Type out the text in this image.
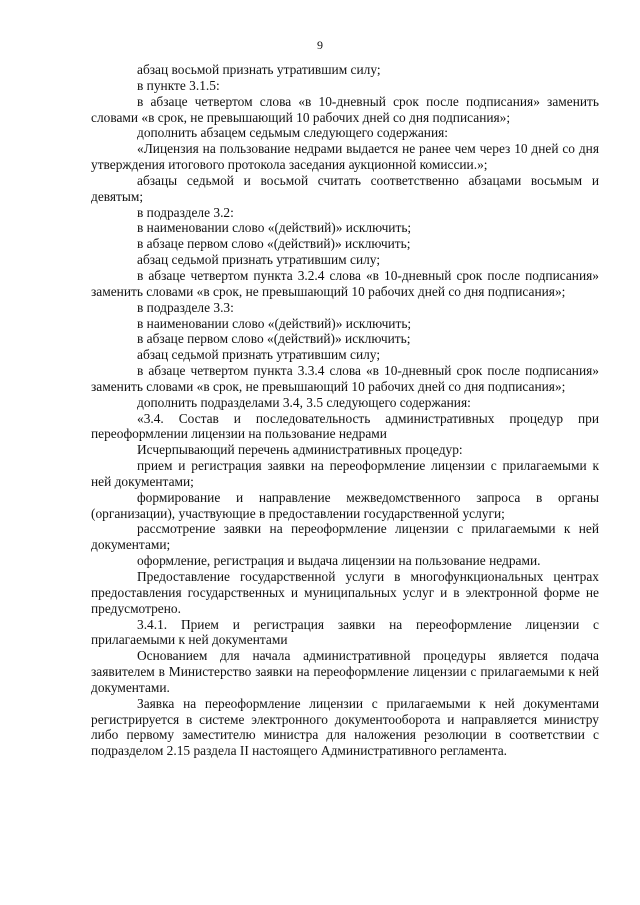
9

абзац восьмой признать утратившим силу;

в пункте 3.1.5:

в абзаце четвертом слова «в 10-дневный срок после подписания» заменить словами «в срок, не превышающий 10 рабочих дней со дня подписания»;

дополнить абзацем седьмым следующего содержания:

«Лицензия на пользование недрами выдается не ранее чем через 10 дней со дня утверждения итогового протокола заседания аукционной комиссии.»;

абзацы седьмой и восьмой считать соответственно абзацами восьмым и девятым;

в подразделе 3.2:

в наименовании слово «(действий)» исключить;

в абзаце первом слово «(действий)» исключить;

абзац седьмой признать утратившим силу;

в абзаце четвертом пункта 3.2.4 слова «в 10-дневный срок после подписания» заменить словами «в срок, не превышающий 10 рабочих дней со дня подписания»;

в подразделе 3.3:

в наименовании слово «(действий)» исключить;

в абзаце первом слово «(действий)» исключить;

абзац седьмой признать утратившим силу;

в абзаце четвертом пункта 3.3.4 слова «в 10-дневный срок после подписания» заменить словами «в срок, не превышающий 10 рабочих дней со дня подписания»;

дополнить подразделами 3.4, 3.5 следующего содержания:

«3.4. Состав и последовательность административных процедур при переоформлении лицензии на пользование недрами

Исчерпывающий перечень административных процедур:

прием и регистрация заявки на переоформление лицензии с прилагаемыми к ней документами;

формирование и направление межведомственного запроса в органы (организации), участвующие в предоставлении государственной услуги;

рассмотрение заявки на переоформление лицензии с прилагаемыми к ней документами;

оформление, регистрация и выдача лицензии на пользование недрами.

Предоставление государственной услуги в многофункциональных центрах предоставления государственных и муниципальных услуг и в электронной форме не предусмотрено.

3.4.1. Прием и регистрация заявки на переоформление лицензии с прилагаемыми к ней документами

Основанием для начала административной процедуры является подача заявителем в Министерство заявки на переоформление лицензии с прилагаемыми к ней документами.

Заявка на переоформление лицензии с прилагаемыми к ней документами регистрируется в системе электронного документооборота и направляется министру либо первому заместителю министра для наложения резолюции в соответствии с подразделом 2.15 раздела II настоящего Административного регламента.
